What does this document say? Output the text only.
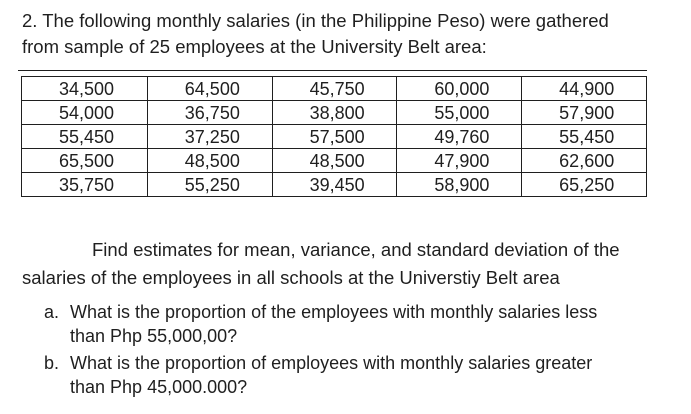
2. The following monthly salaries (in the Philippine Peso) were gathered
from sample of 25 employees at the University Belt area:

34,500	64,500	45,750	60,000	44,900
54,000	36,750	38,800	55,000	57,900
55,450	37,250	57,500	49,760	55,450
65,500	48,500	48,500	47,900	62,600
35,750	55,250	39,450	58,900	65,250

Find estimates for mean, variance, and standard deviation of the
salaries of the employees in all schools at the Universtiy Belt area

a. What is the proportion of the employees with monthly salaries less
than Php 55,000,00?
b. What is the proportion of employees with monthly salaries greater
than Php 45,000.000?
